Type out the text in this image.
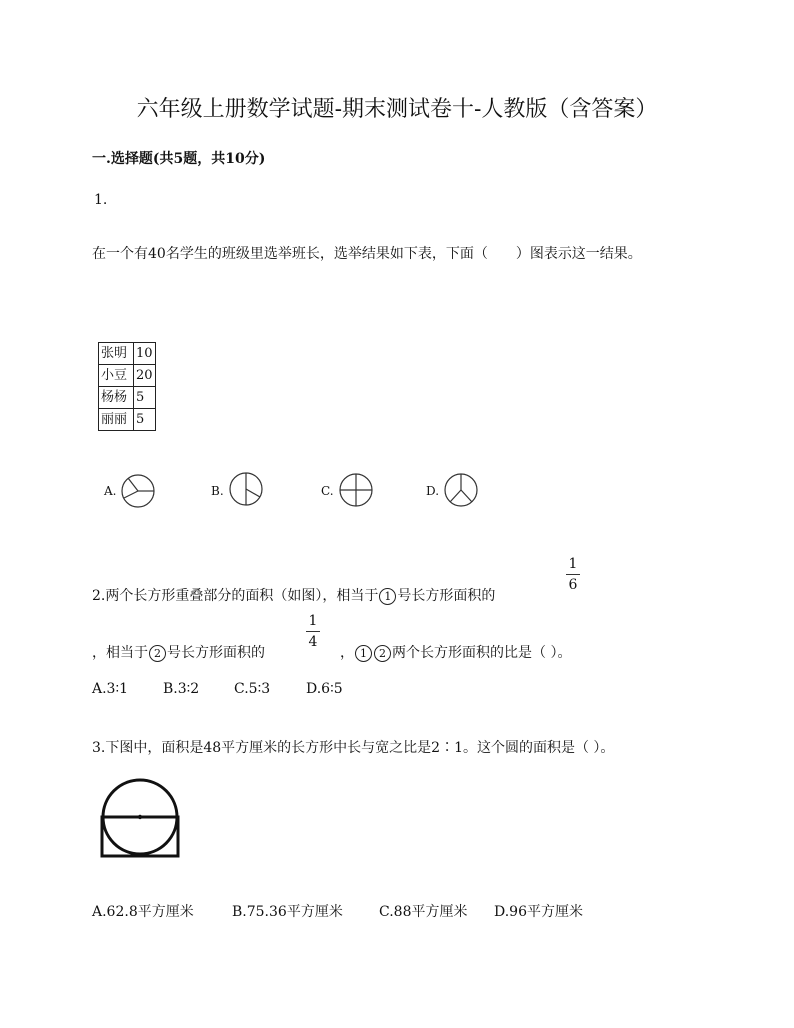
六年级上册数学试题-期末测试卷十-人教版（含答案）
一.选择题(共5题，共10分)
1.
在一个有40名学生的班级里选举班长，选举结果如下表，下面（　　）图表示这一结果。
张明	10
小豆	20
杨杨	5
丽丽	5
A.	B.	C.	D.
2.两个长方形重叠部分的面积（如图），相当于 1 号长方形面积的
1
6
，相当于 2 号长方形面积的
1
4
， 1 2 两个长方形面积的比是（ ）。
A.3∶1 B.3∶2 C.5∶3	D.6∶5
3.下图中，面积是48平方厘米的长方形中长与宽之比是2∶1。这个圆的面积是（ ）。
A.62.8平方厘米	B.75.36平方厘米	C.88平方厘米 D.96平方厘米
